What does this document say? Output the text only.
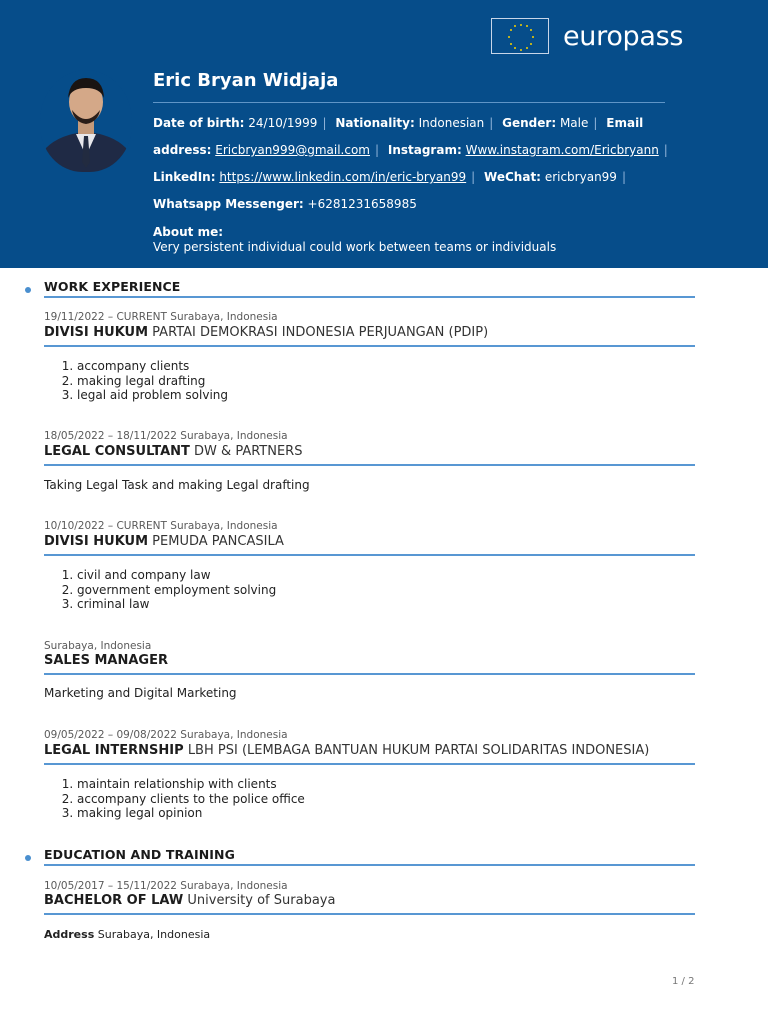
europass
Eric Bryan Widjaja
Date of birth: 24/10/1999 | Nationality: Indonesian | Gender: Male | Email
address: Ericbryan999@gmail.com | Instagram: Www.instagram.com/Ericbryann |
LinkedIn: https://www.linkedin.com/in/eric-bryan99 | WeChat: ericbryan99 |
Whatsapp Messenger: +6281231658985
About me:
Very persistent individual could work between teams or individuals
WORK EXPERIENCE
19/11/2022 – CURRENT Surabaya, Indonesia
DIVISI HUKUM PARTAI DEMOKRASI INDONESIA PERJUANGAN (PDIP)
1. accompany clients
2. making legal drafting
3. legal aid problem solving
18/05/2022 – 18/11/2022 Surabaya, Indonesia
LEGAL CONSULTANT DW & PARTNERS
Taking Legal Task and making Legal drafting
10/10/2022 – CURRENT Surabaya, Indonesia
DIVISI HUKUM PEMUDA PANCASILA
1. civil and company law
2. government employment solving
3. criminal law
Surabaya, Indonesia
SALES MANAGER
Marketing and Digital Marketing
09/05/2022 – 09/08/2022 Surabaya, Indonesia
LEGAL INTERNSHIP LBH PSI (LEMBAGA BANTUAN HUKUM PARTAI SOLIDARITAS INDONESIA)
1. maintain relationship with clients
2. accompany clients to the police office
3. making legal opinion
EDUCATION AND TRAINING
10/05/2017 – 15/11/2022 Surabaya, Indonesia
BACHELOR OF LAW University of Surabaya
Address Surabaya, Indonesia
1 / 2
